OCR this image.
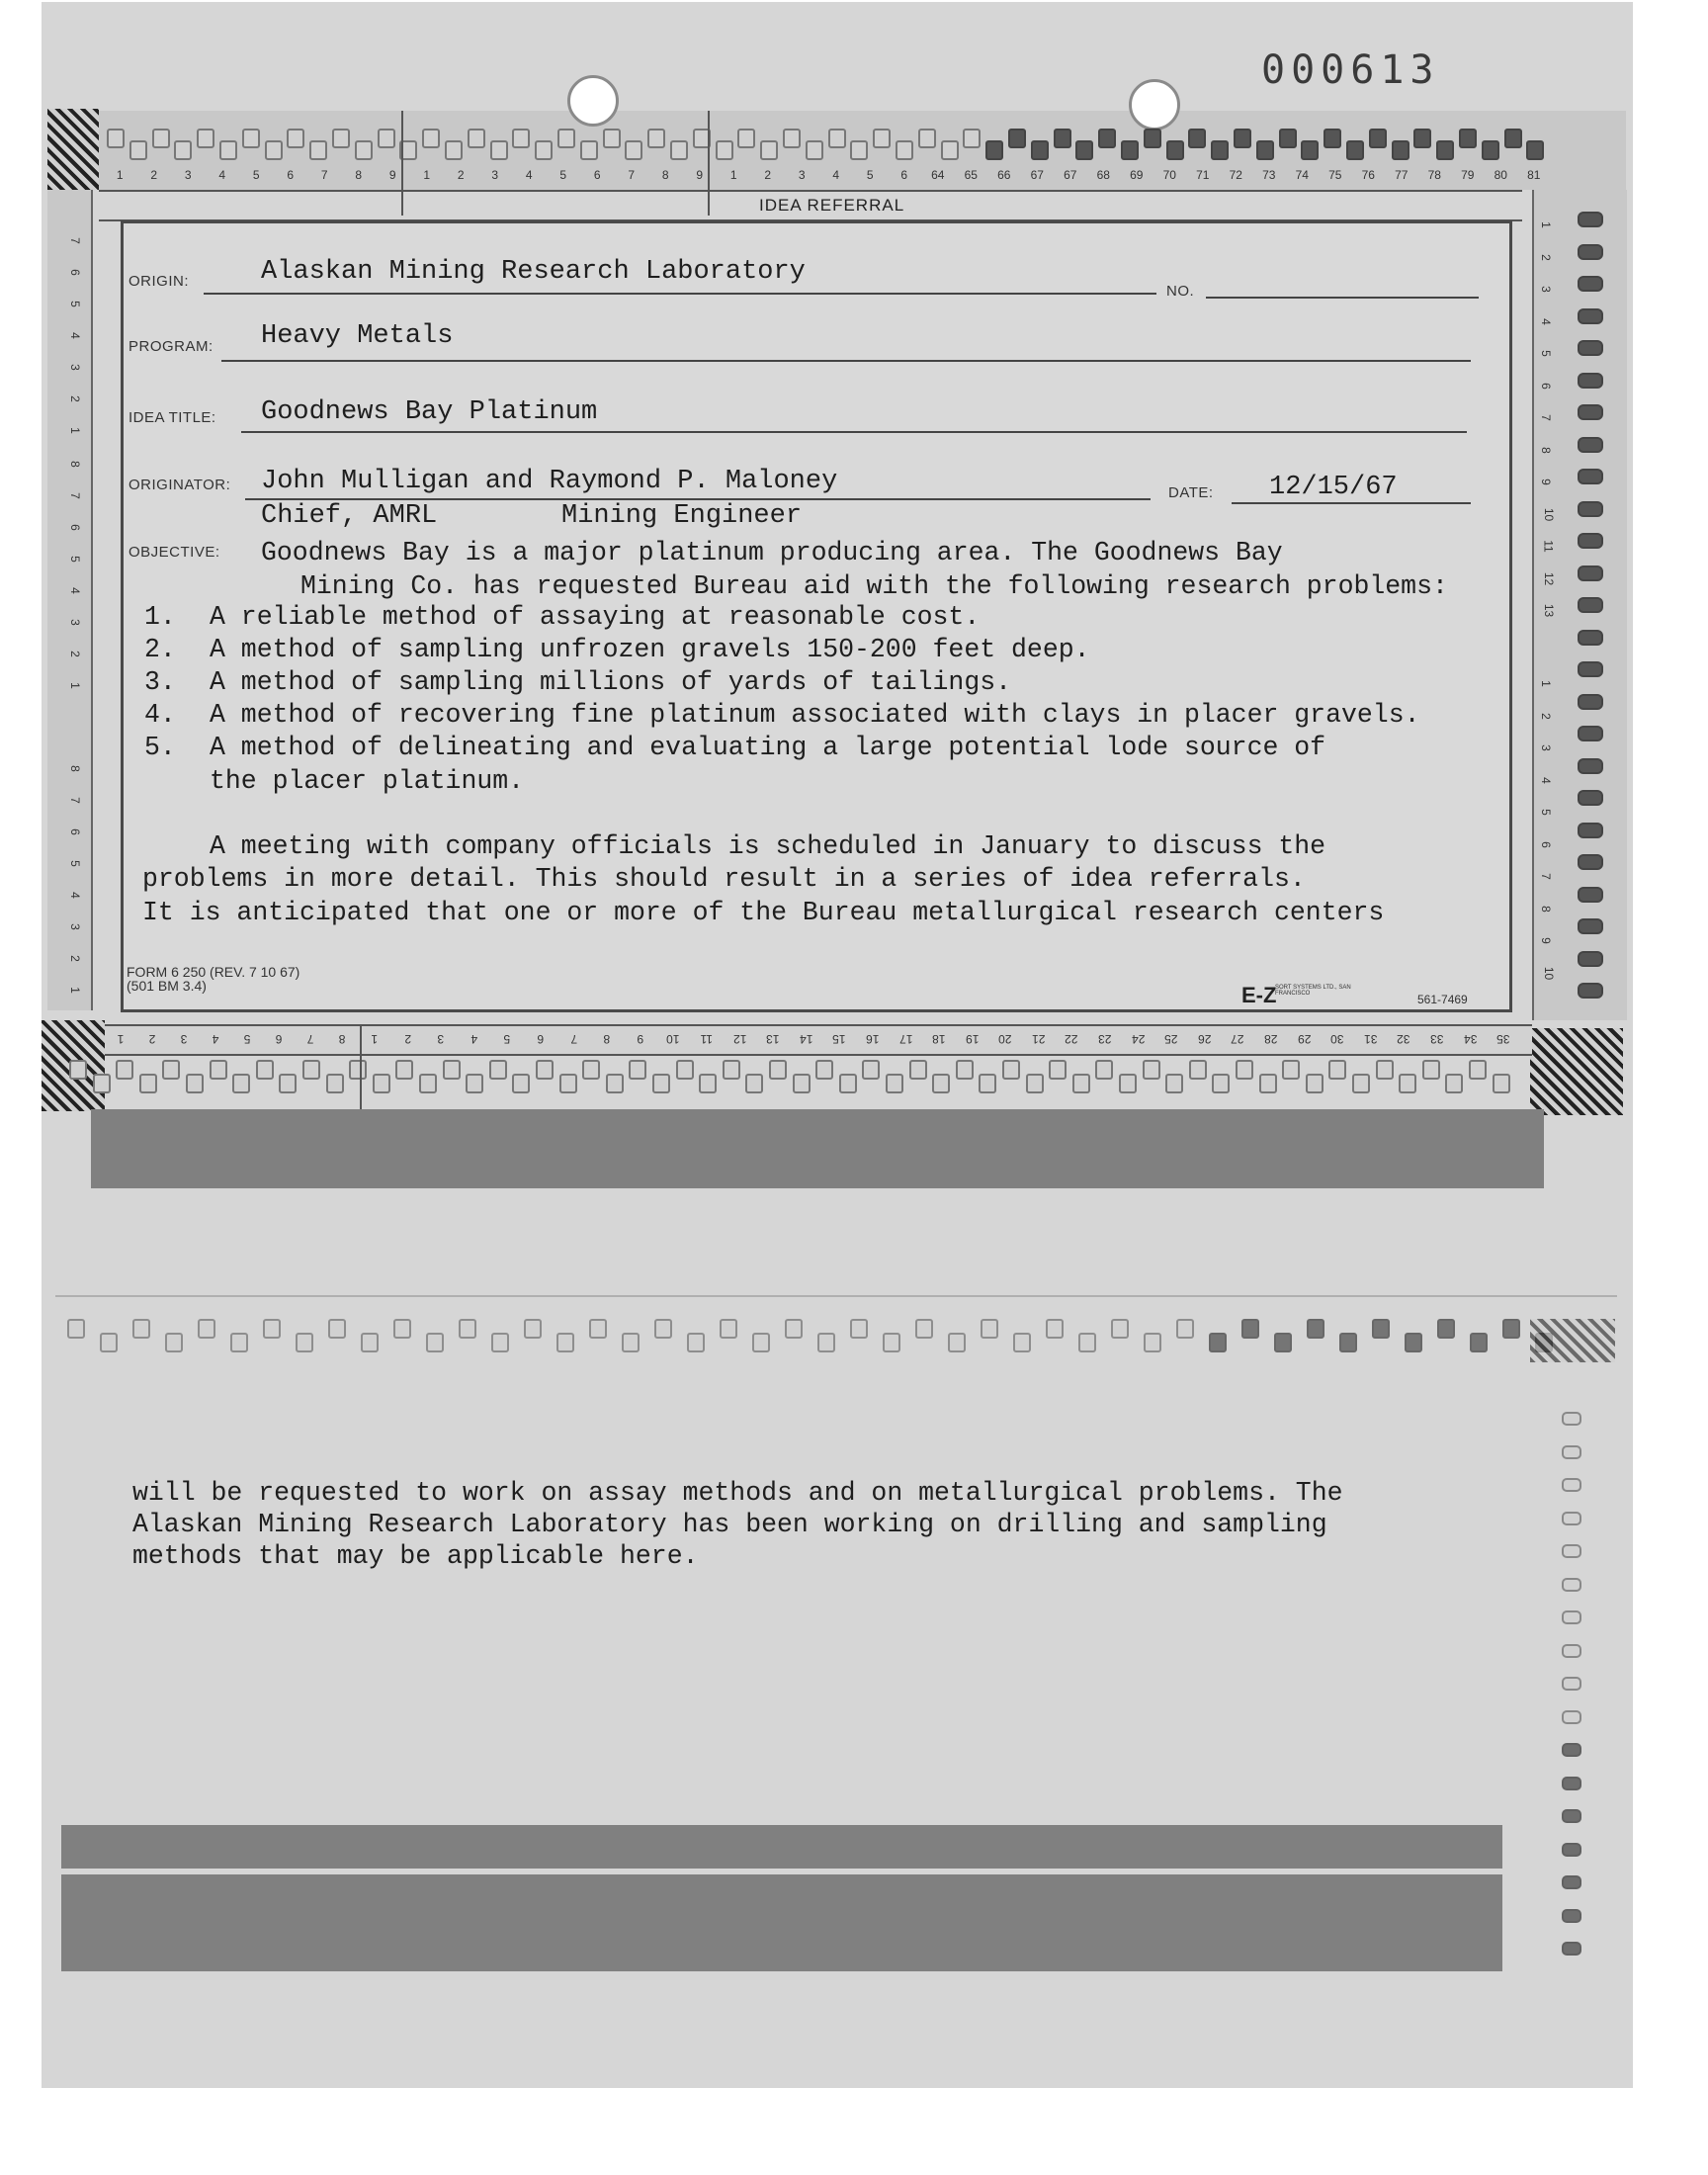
000613
1	2	3	4	5	6	7	8	9	1	2	3	4	5	6	7	8	9	1	2	3	4	5	6	64	65	66	67	67	68	69	70	71	72	73	74	75	76	77	78	79	80	81
IDEA REFERRAL
7
6
5
4
3
2
1
8
7
6
5
4
3
2
1
8
7
6
5
4
3
2
1
1
2
3
4
5
6
7
8
9
10
11
12
13
1
2
3
4
5
6
7
8
9
10
ORIGIN:	Alaskan Mining Research Laboratory
NO.
PROGRAM: Heavy Metals
IDEA TITLE: Goodnews Bay Platinum
ORIGINATOR: John Mulligan and Raymond P. Maloney	DATE: 12/15/67
Chief, AMRL	Mining Engineer
OBJECTIVE: Goodnews Bay is a major platinum producing area. The Goodnews Bay
Mining Co. has requested Bureau aid with the following research problems:
1. A reliable method of assaying at reasonable cost.
2. A method of sampling unfrozen gravels 150-200 feet deep.
3. A method of sampling millions of yards of tailings.
4. A method of recovering fine platinum associated with clays in placer gravels.
5. A method of delineating and evaluating a large potential lode source of
the placer platinum.
A meeting with company officials is scheduled in January to discuss the
problems in more detail. This should result in a series of idea referrals.
It is anticipated that one or more of the Bureau metallurgical research centers
FORM 6 250 (REV. 7 10 67)
(501 BM 3.4)	E-Z
SORT SYSTEMS LTD., SAN FRANCISCO	561-7469
1	2	3	4	5	6	7	8	1	2	3	4	5	6	7	8	9	10	11	12	13	14	15	16	17	18	19	20	21	22	23	24	25	26	27	28	29	30	31	32	33	34	35
will be requested to work on assay methods and on metallurgical problems. The
Alaskan Mining Research Laboratory has been working on drilling and sampling
methods that may be applicable here.
